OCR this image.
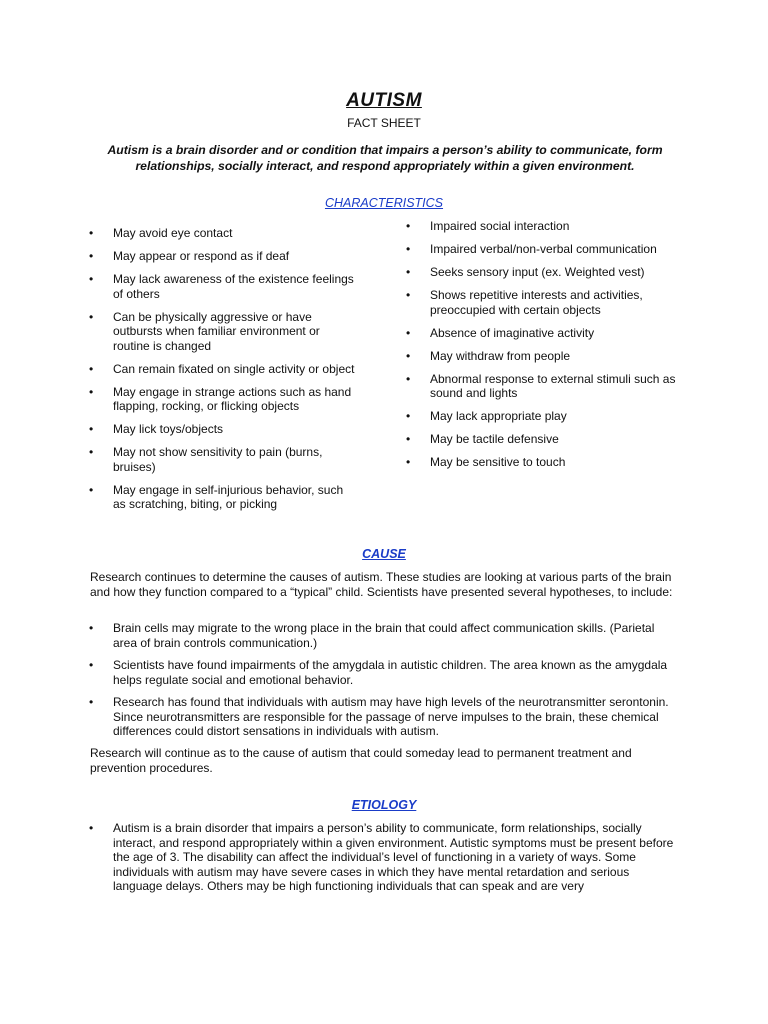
AUTISM
FACT SHEET
Autism is a brain disorder and or condition that impairs a person’s ability to communicate, form relationships, socially interact, and respond appropriately within a given environment.
CHARACTERISTICS
• May avoid eye contact
• May appear or respond as if deaf
• May lack awareness of the existence feelings of others
• Can be physically aggressive or have outbursts when familiar environment or routine is changed
• Can remain fixated on single activity or object
• May engage in strange actions such as hand flapping, rocking, or flicking objects
• May lick toys/objects
• May not show sensitivity to pain (burns, bruises)
• May engage in self-injurious behavior, such as scratching, biting, or picking
• Impaired social interaction
• Impaired verbal/non-verbal communication
• Seeks sensory input (ex. Weighted vest)
• Shows repetitive interests and activities, preoccupied with certain objects
• Absence of imaginative activity
• May withdraw from people
• Abnormal response to external stimuli such as sound and lights
• May lack appropriate play
• May be tactile defensive
• May be sensitive to touch
CAUSE
Research continues to determine the causes of autism. These studies are looking at various parts of the brain and how they function compared to a “typical” child. Scientists have presented several hypotheses, to include:
• Brain cells may migrate to the wrong place in the brain that could affect communication skills. (Parietal area of brain controls communication.)
• Scientists have found impairments of the amygdala in autistic children. The area known as the amygdala helps regulate social and emotional behavior.
• Research has found that individuals with autism may have high levels of the neurotransmitter serontonin. Since neurotransmitters are responsible for the passage of nerve impulses to the brain, these chemical differences could distort sensations in individuals with autism.
Research will continue as to the cause of autism that could someday lead to permanent treatment and prevention procedures.
ETIOLOGY
• Autism is a brain disorder that impairs a person’s ability to communicate, form relationships, socially interact, and respond appropriately within a given environment. Autistic symptoms must be present before the age of 3. The disability can affect the individual’s level of functioning in a variety of ways. Some individuals with autism may have severe cases in which they have mental retardation and serious language delays. Others may be high functioning individuals that can speak and are very
